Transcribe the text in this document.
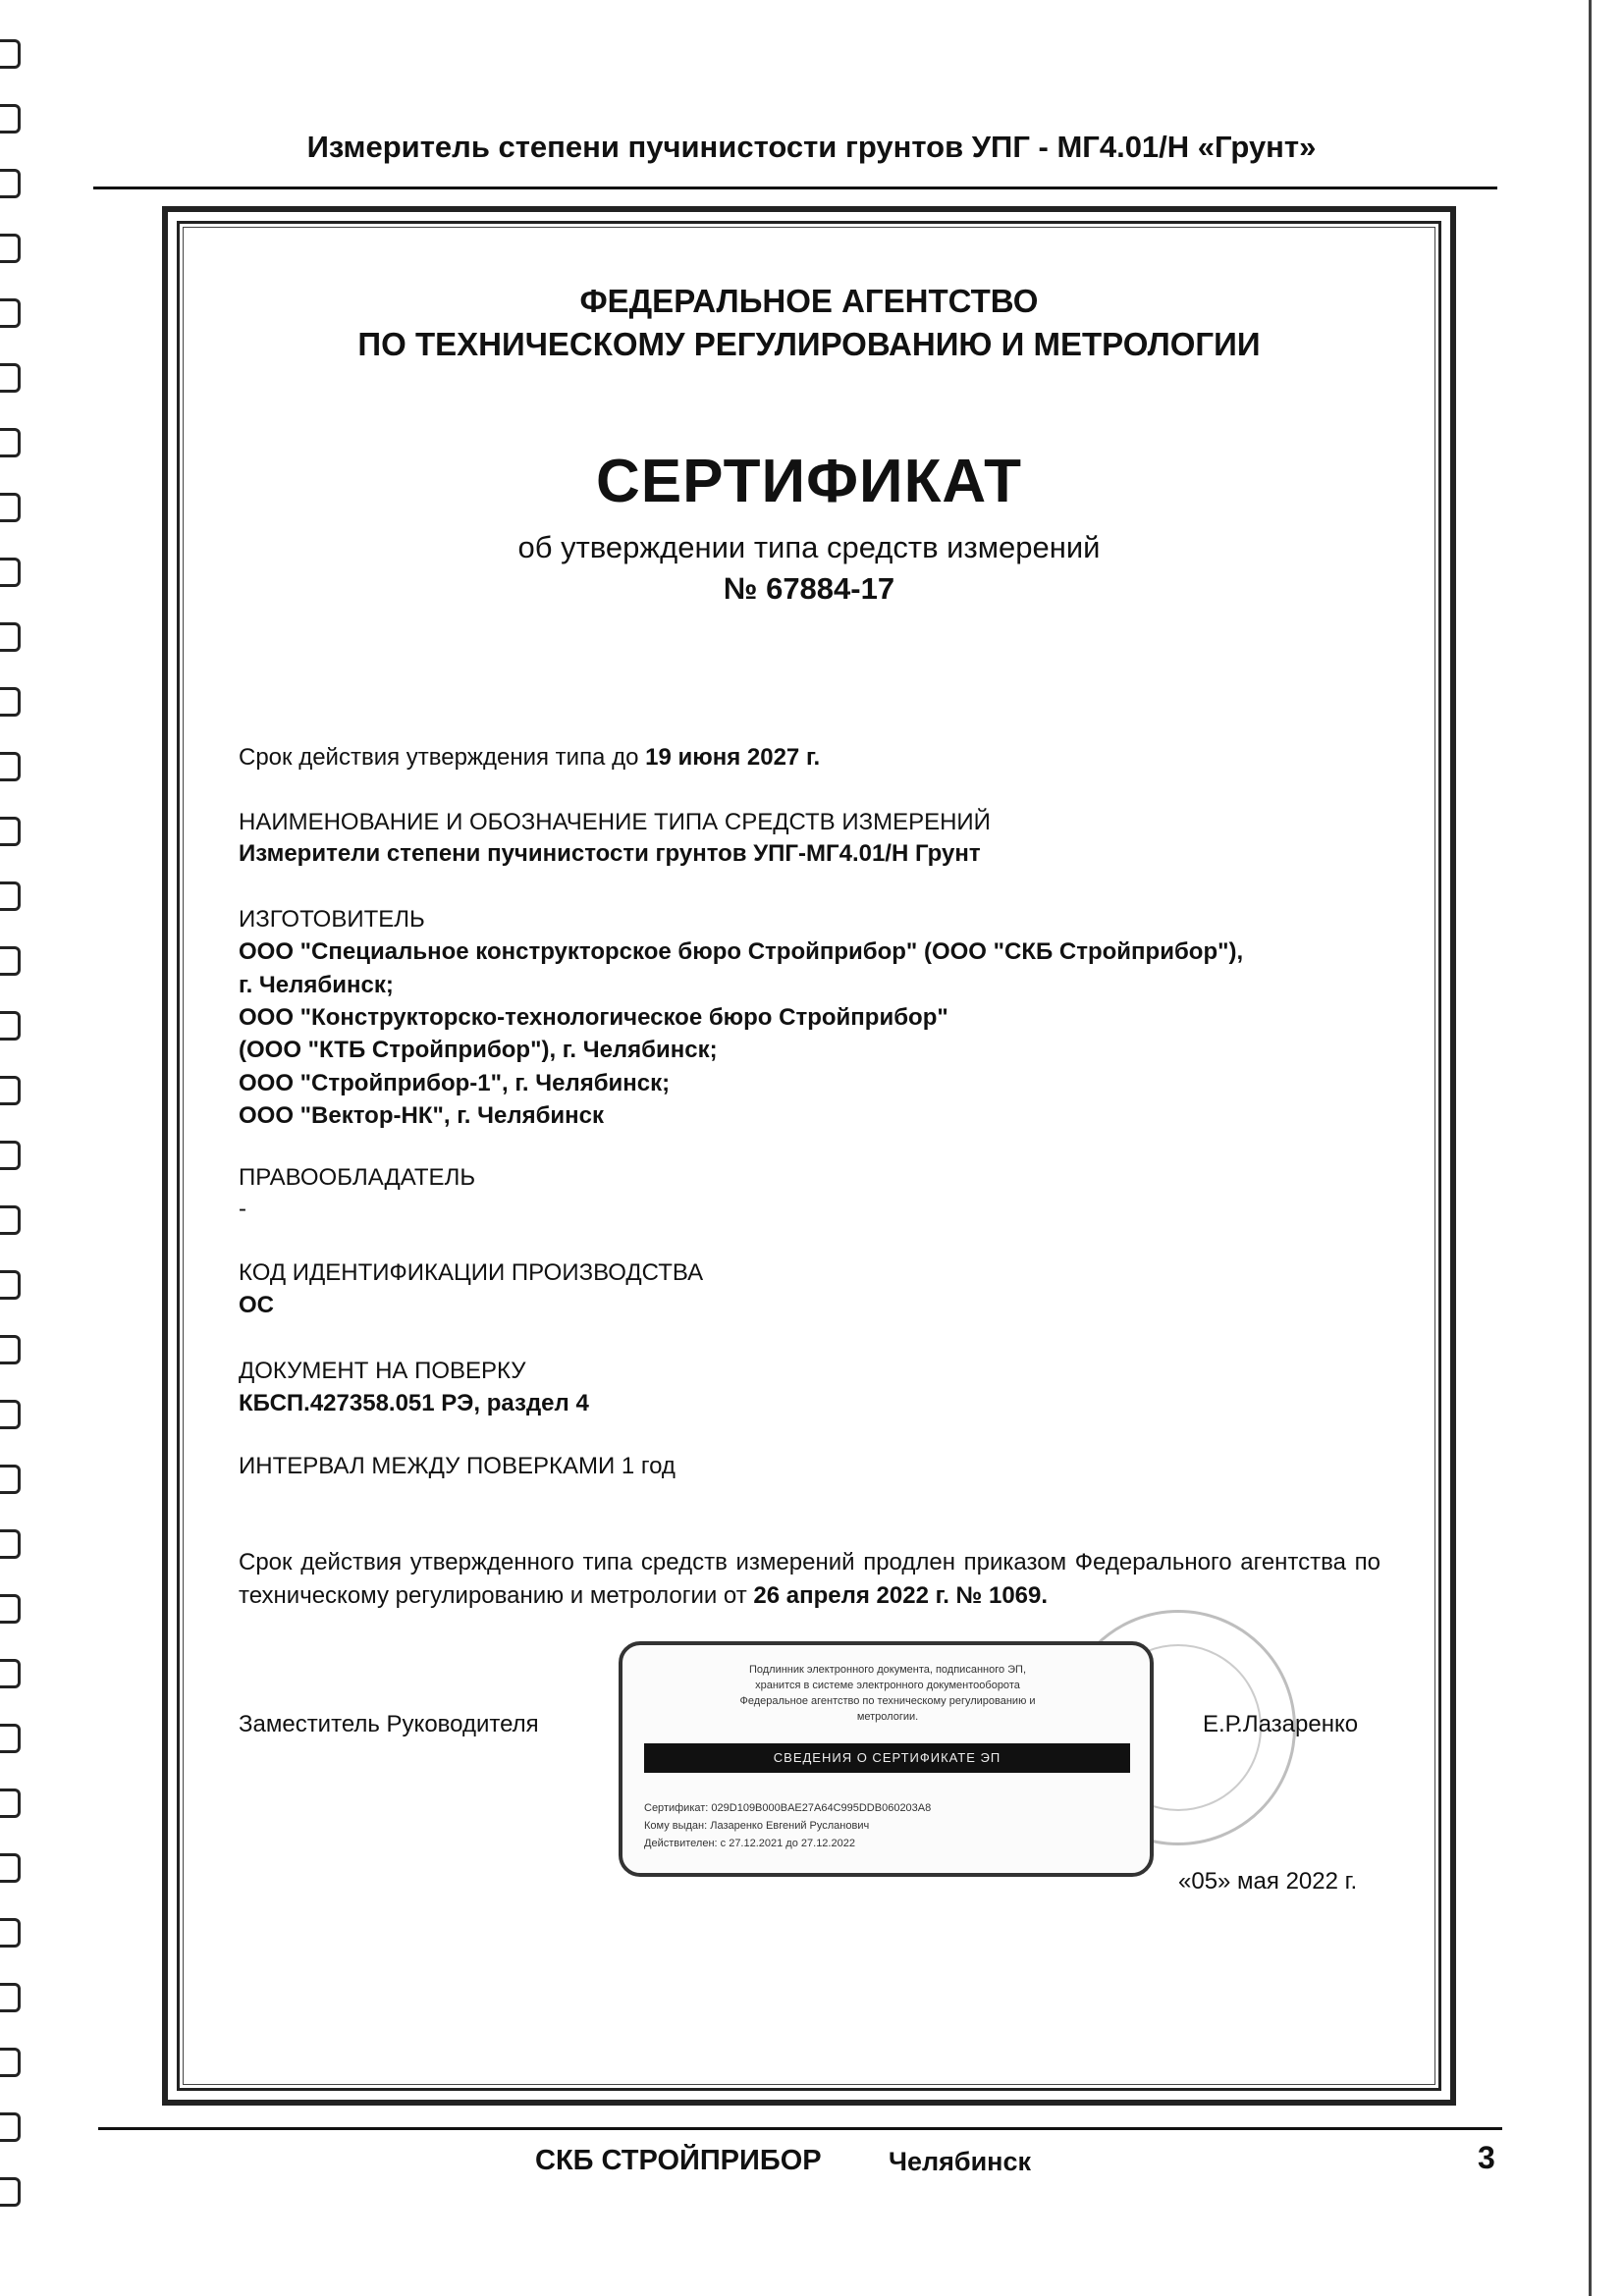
Измеритель степени пучинистости грунтов УПГ - МГ4.01/Н «Грунт»
ФЕДЕРАЛЬНОЕ АГЕНТСТВО
ПО ТЕХНИЧЕСКОМУ РЕГУЛИРОВАНИЮ И МЕТРОЛОГИИ
СЕРТИФИКАТ
об утверждении типа средств измерений
№ 67884-17
Срок действия утверждения типа до 19 июня 2027 г.
НАИМЕНОВАНИЕ И ОБОЗНАЧЕНИЕ ТИПА СРЕДСТВ ИЗМЕРЕНИЙ
Измерители степени пучинистости грунтов УПГ-МГ4.01/Н Грунт
ИЗГОТОВИТЕЛЬ
ООО "Специальное конструкторское бюро Стройприбор" (ООО "СКБ Стройприбор"),
г. Челябинск;
ООО "Конструкторско-технологическое бюро Стройприбор"
(ООО "КТБ Стройприбор"), г. Челябинск;
ООО "Стройприбор-1", г. Челябинск;
ООО "Вектор-НК", г. Челябинск
ПРАВООБЛАДАТЕЛЬ
-
КОД ИДЕНТИФИКАЦИИ ПРОИЗВОДСТВА
ОС
ДОКУМЕНТ НА ПОВЕРКУ
КБСП.427358.051 РЭ, раздел 4
ИНТЕРВАЛ МЕЖДУ ПОВЕРКАМИ 1 год
Срок действия утвержденного типа средств измерений продлен приказом Федерального агентства по техническому регулированию и метрологии от 26 апреля 2022 г. № 1069.
Подлинник электронного документа, подписанного ЭП,
хранится в системе электронного документооборота
Федеральное агентство по техническому регулированию и
метрологии.
СВЕДЕНИЯ О СЕРТИФИКАТЕ ЭП
Сертификат: 029D109B000BAE27A64C995DDB060203A8
Кому выдан: Лазаренко Евгений Русланович
Действителен: с 27.12.2021 до 27.12.2022
Заместитель Руководителя	Е.Р.Лазаренко
«05» мая 2022 г.
СКБ СТРОЙПРИБОР	Челябинск	3
